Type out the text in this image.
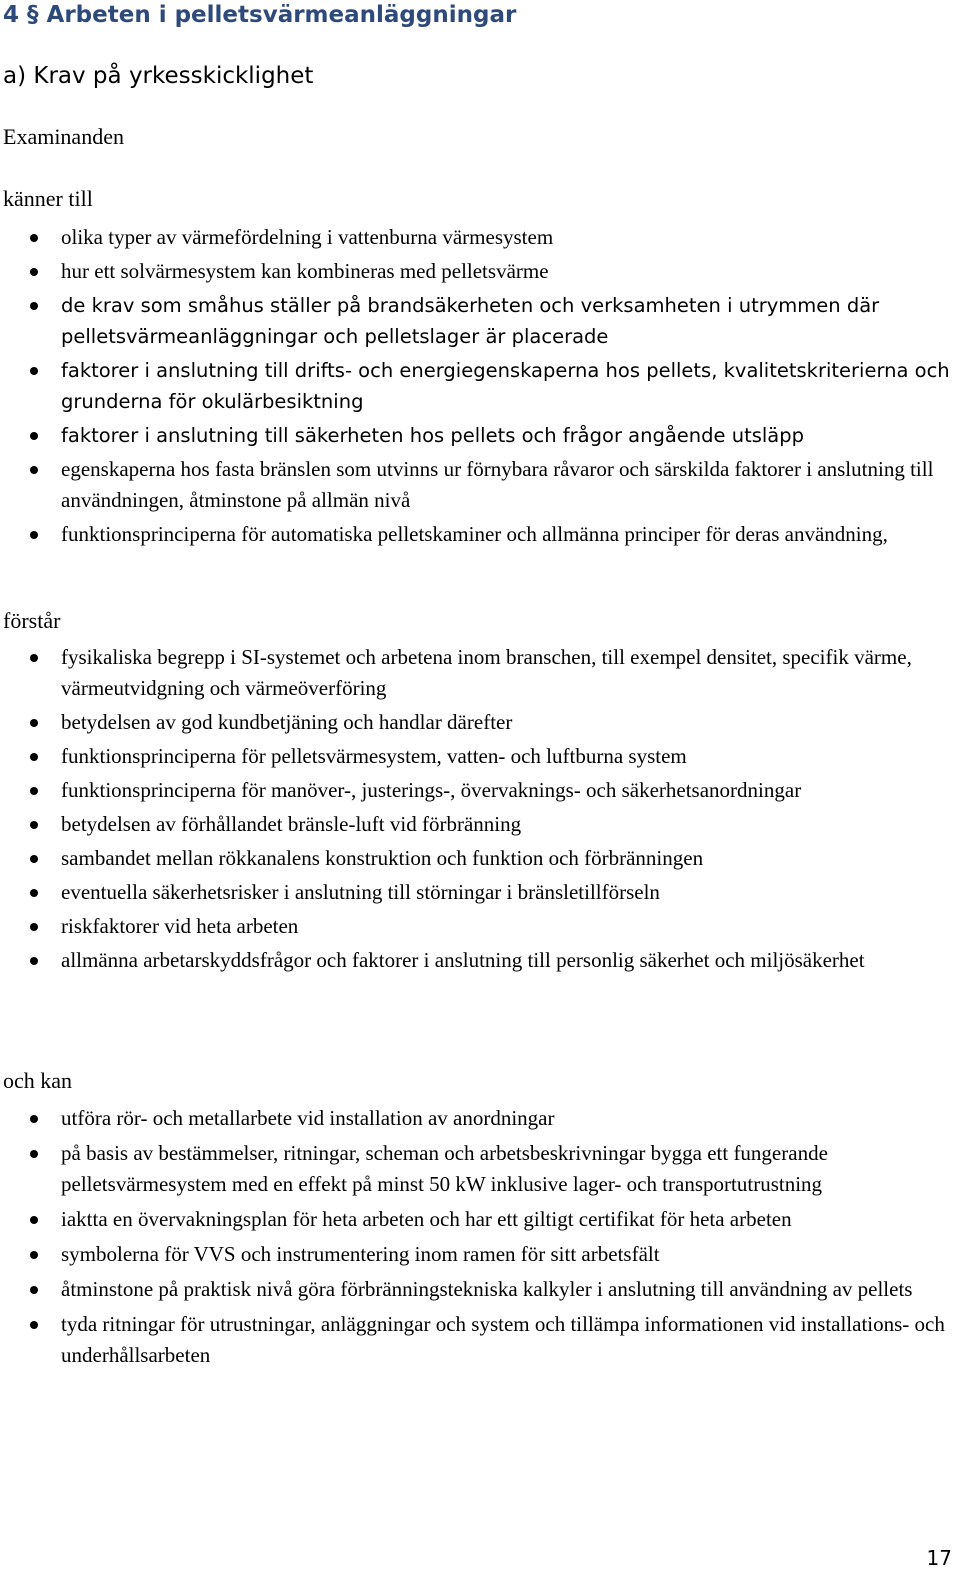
4 § Arbeten i pelletsvärmeanläggningar
a) Krav på yrkesskicklighet
Examinanden
känner till
olika typer av värmefördelning i vattenburna värmesystem
hur ett solvärmesystem kan kombineras med pelletsvärme
de krav som småhus ställer på brandsäkerheten och verksamheten i utrymmen där pelletsvärmeanläggningar och pelletslager är placerade
faktorer i anslutning till drifts- och energiegenskaperna hos pellets, kvalitetskriterierna och grunderna för okulärbesiktning
faktorer i anslutning till säkerheten hos pellets och frågor angående utsläpp
egenskaperna hos fasta bränslen som utvinns ur förnybara råvaror och särskilda faktorer i anslutning till användningen, åtminstone på allmän nivå
funktionsprinciperna för automatiska pelletskaminer och allmänna principer för deras användning,
förstår
fysikaliska begrepp i SI-systemet och arbetena inom branschen, till exempel densitet, specifik värme, värmeutvidgning och värmeöverföring
betydelsen av god kundbetjäning och handlar därefter
funktionsprinciperna för pelletsvärmesystem, vatten- och luftburna system
funktionsprinciperna för manöver-, justerings-, övervaknings- och säkerhetsanordningar
betydelsen av förhållandet bränsle-luft vid förbränning
sambandet mellan rökkanalens konstruktion och funktion och förbränningen
eventuella säkerhetsrisker i anslutning till störningar i bränsletillförseln
riskfaktorer vid heta arbeten
allmänna arbetarskyddsfrågor och faktorer i anslutning till personlig säkerhet och miljösäkerhet
och kan
utföra rör- och metallarbete vid installation av anordningar
på basis av bestämmelser, ritningar, scheman och arbetsbeskrivningar bygga ett fungerande pelletsvärmesystem med en effekt på minst 50 kW inklusive lager- och transportutrustning
iaktta en övervakningsplan för heta arbeten och har ett giltigt certifikat för heta arbeten
symbolerna för VVS och instrumentering inom ramen för sitt arbetsfält
åtminstone på praktisk nivå göra förbränningstekniska kalkyler i anslutning till användning av pellets
tyda ritningar för utrustningar, anläggningar och system och tillämpa informationen vid installations- och underhållsarbeten
17
